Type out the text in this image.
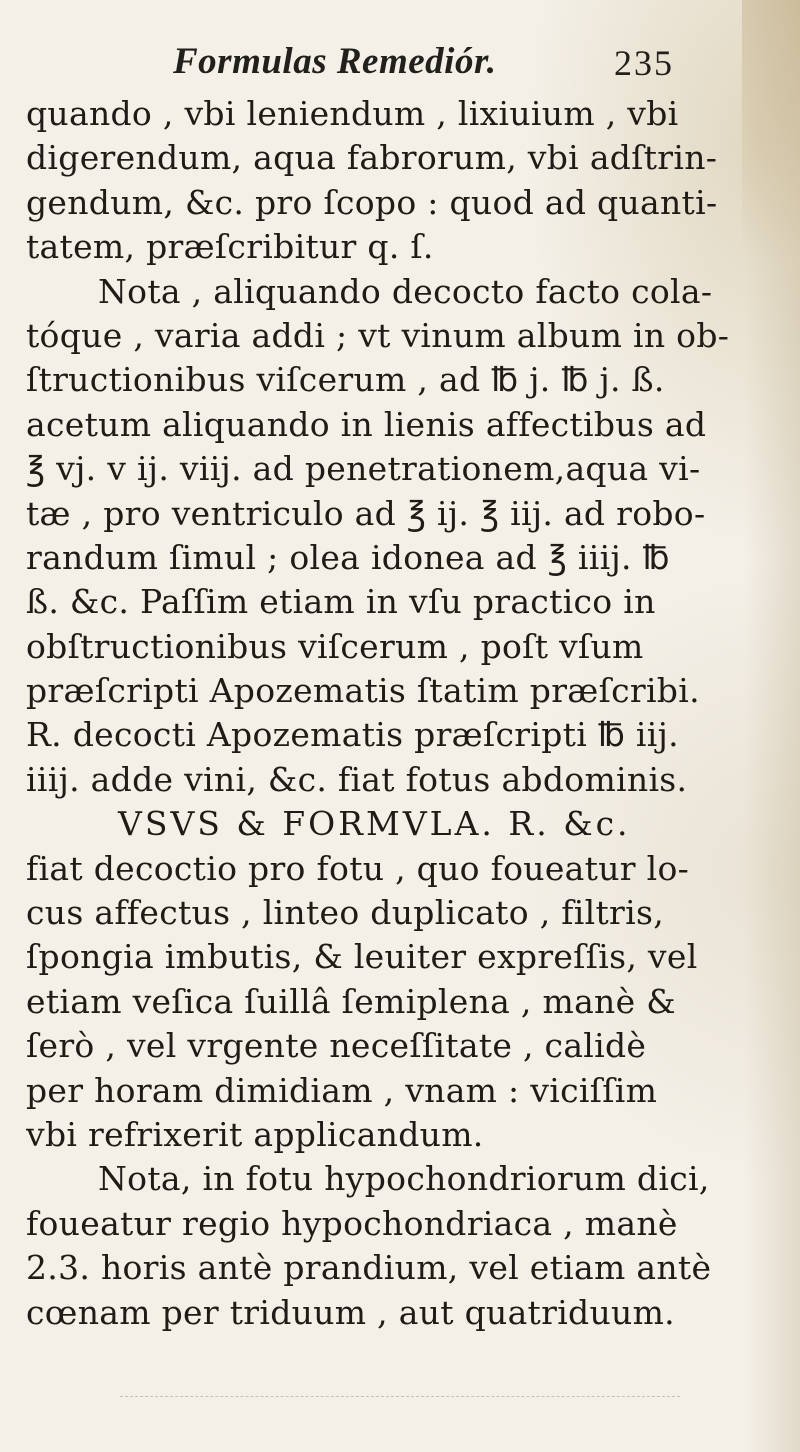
Formulas Remediór.	235
quando , vbi leniendum , lixiuium , vbi
digerendum, aqua fabrorum, vbi adſtrin-
gendum, &c. pro ſcopo : quod ad quanti-
tatem, præſcribitur q. ſ.
Nota , aliquando decocto facto cola-
tóque , varia addi ; vt vinum album in ob-
ſtructionibus viſcerum , ad ℔ j. ℔ j. ß.
acetum aliquando in lienis affectibus ad
℥ vj. v ij. viij. ad penetrationem,aqua vi-
tæ , pro ventriculo ad ℥ ij. ℥ iij. ad robo-
randum ſimul ; olea idonea ad ℥ iiij. ℔
ß. &c. Paſſim etiam in vſu practico in
obſtructionibus viſcerum , poſt vſum
præſcripti Apozematis ſtatim præſcribi.
R. decocti Apozematis præſcripti ℔ iij.
iiij. adde vini, &c. fiat fotus abdominis.
VSVS & FORMVLA. R. &c.
fiat decoctio pro fotu , quo foueatur lo-
cus affectus , linteo duplicato , filtris,
ſpongia imbutis, & leuiter expreſſis, vel
etiam veſica ſuillâ ſemiplena , manè &
ſerò , vel vrgente neceſſitate , calidè
per horam dimidiam , vnam : viciſſim
vbi refrixerit applicandum.
Nota, in fotu hypochondriorum dici,
foueatur regio hypochondriaca , manè
2.3. horis antè prandium, vel etiam antè
cœnam per triduum , aut quatriduum.
